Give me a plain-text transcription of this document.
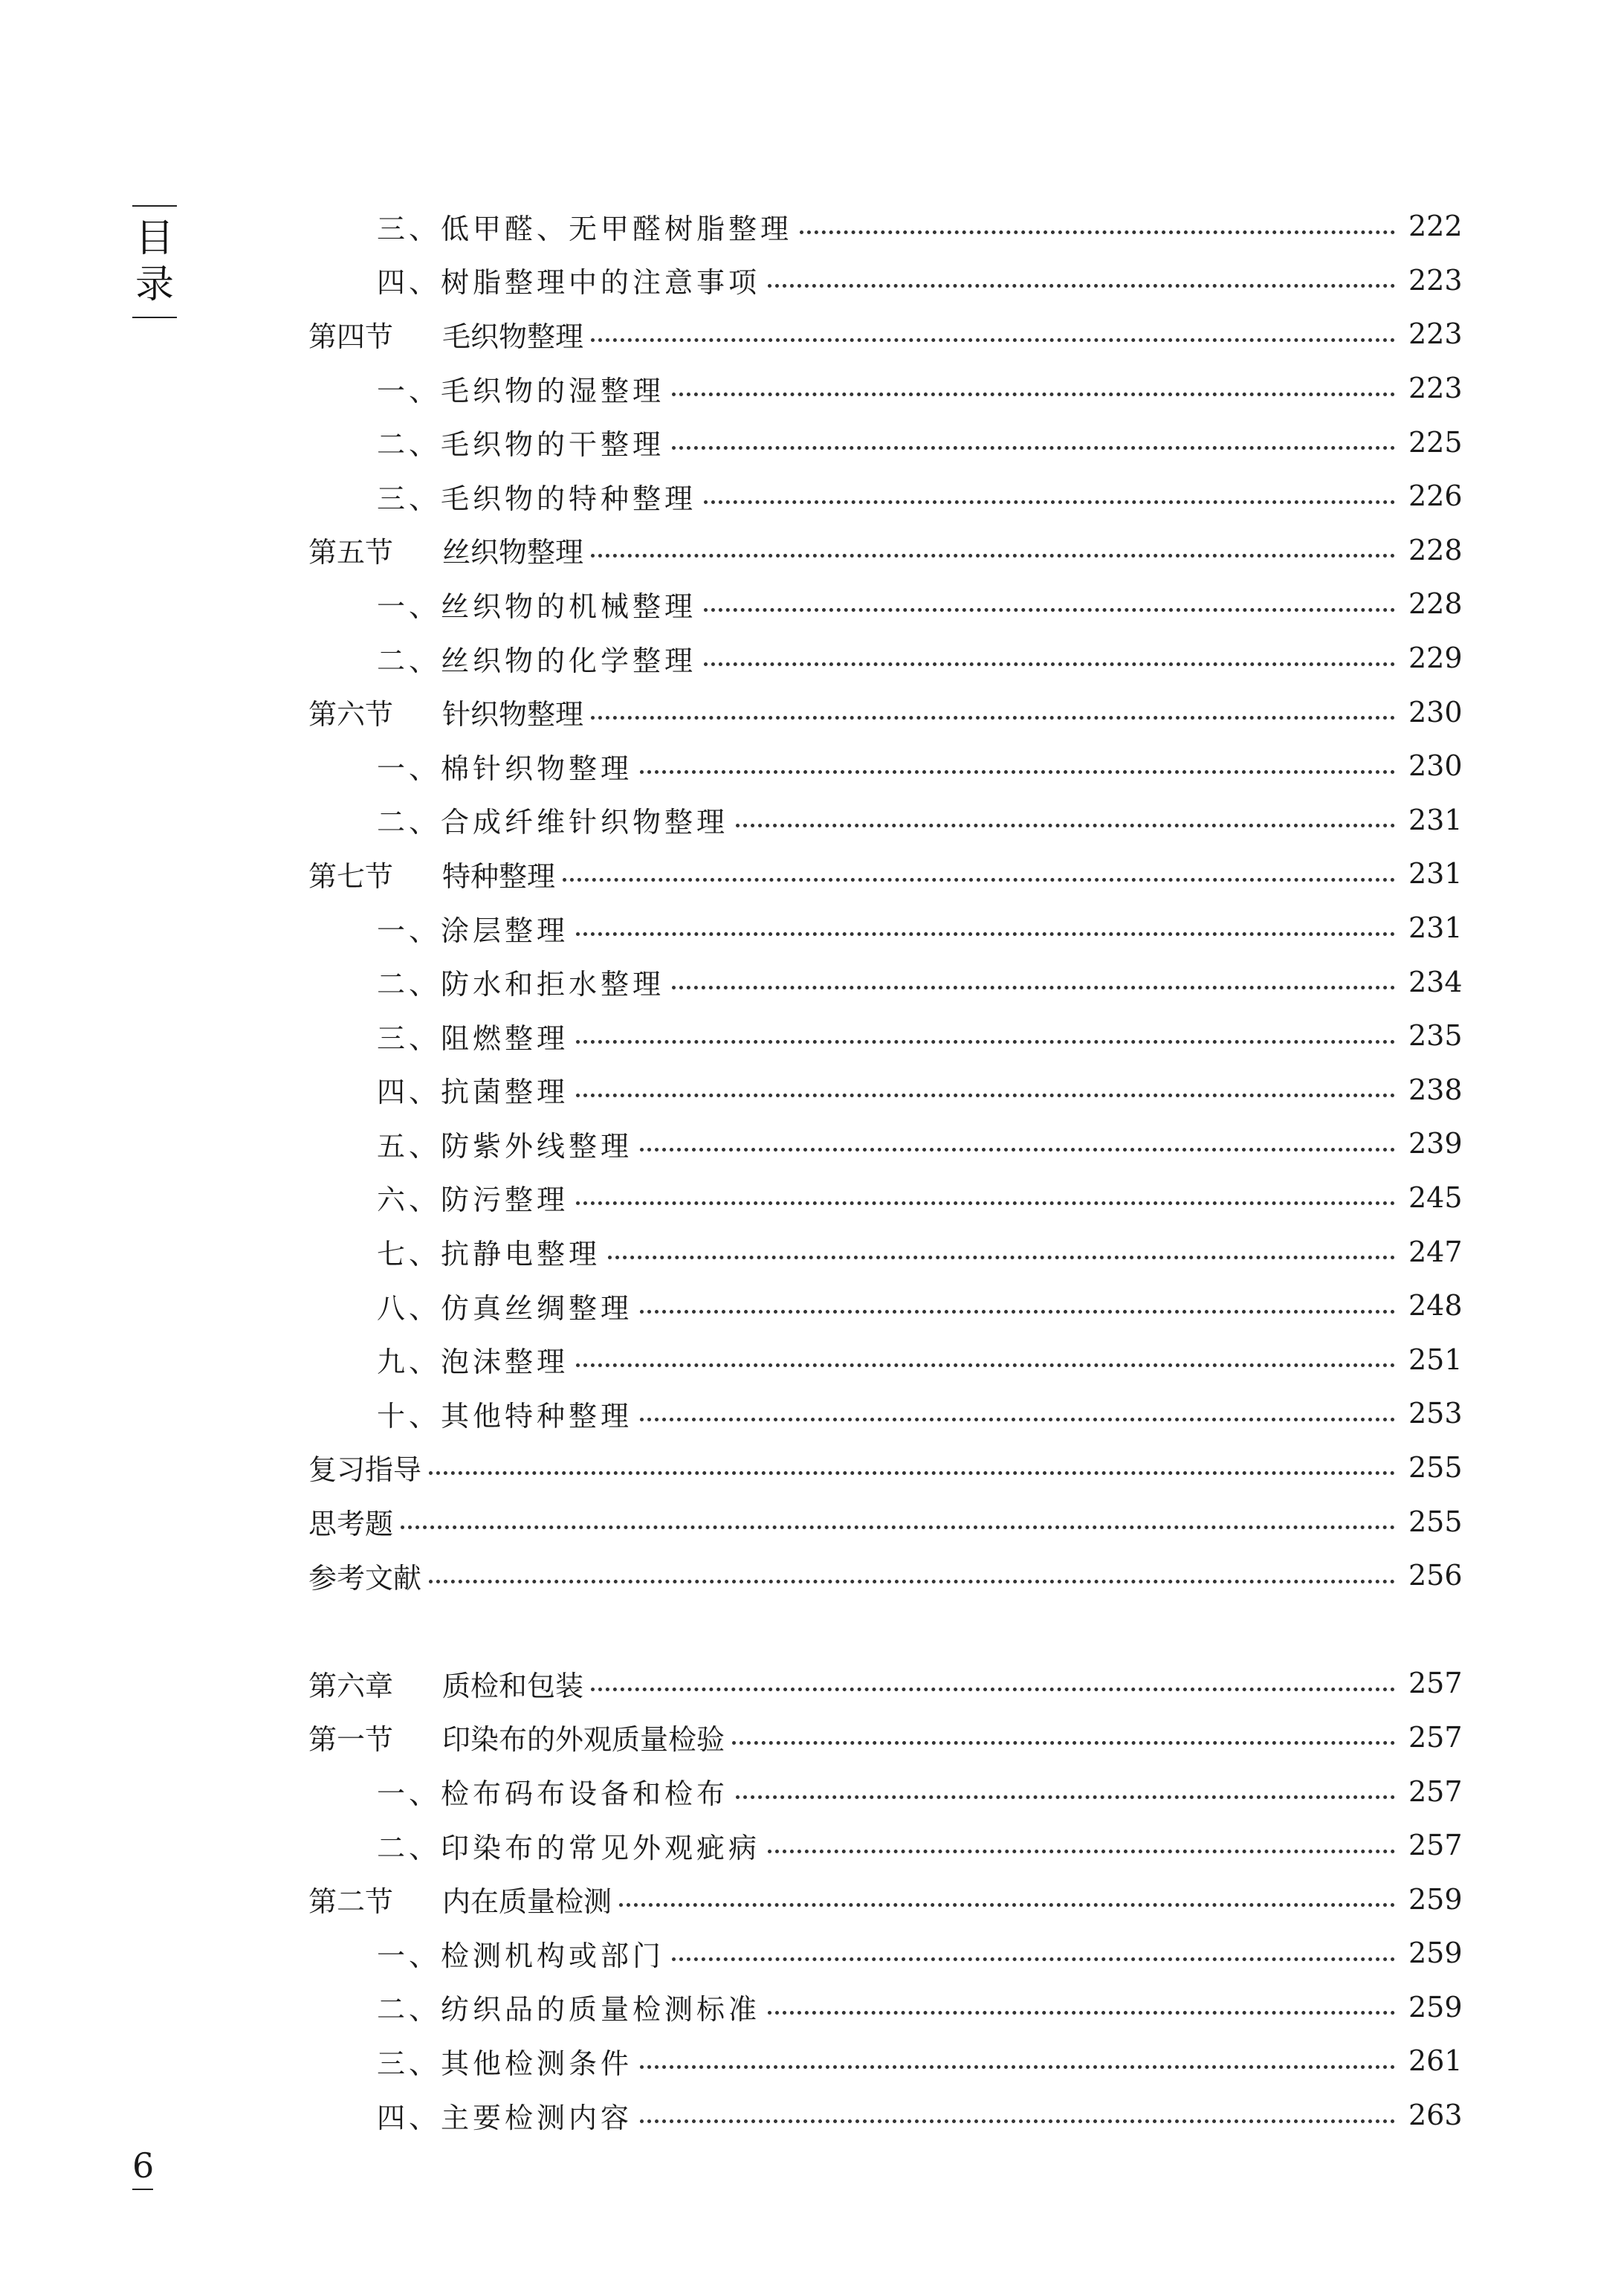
目录
三、低甲醛、无甲醛树脂整理	222
四、树脂整理中的注意事项	223
第四节 毛织物整理	223
一、毛织物的湿整理	223
二、毛织物的干整理	225
三、毛织物的特种整理	226
第五节 丝织物整理	228
一、丝织物的机械整理	228
二、丝织物的化学整理	229
第六节 针织物整理	230
一、棉针织物整理	230
二、合成纤维针织物整理	231
第七节 特种整理	231
一、涂层整理	231
二、防水和拒水整理	234
三、阻燃整理	235
四、抗菌整理	238
五、防紫外线整理	239
六、防污整理	245
七、抗静电整理	247
八、仿真丝绸整理	248
九、泡沫整理	251
十、其他特种整理	253
复习指导	255
思考题	255
参考文献	256
第六章 质检和包装	257
第一节 印染布的外观质量检验	257
一、检布码布设备和检布	257
二、印染布的常见外观疵病	257
第二节 内在质量检测	259
一、检测机构或部门	259
二、纺织品的质量检测标准	259
三、其他检测条件	261
四、主要检测内容	263
6
